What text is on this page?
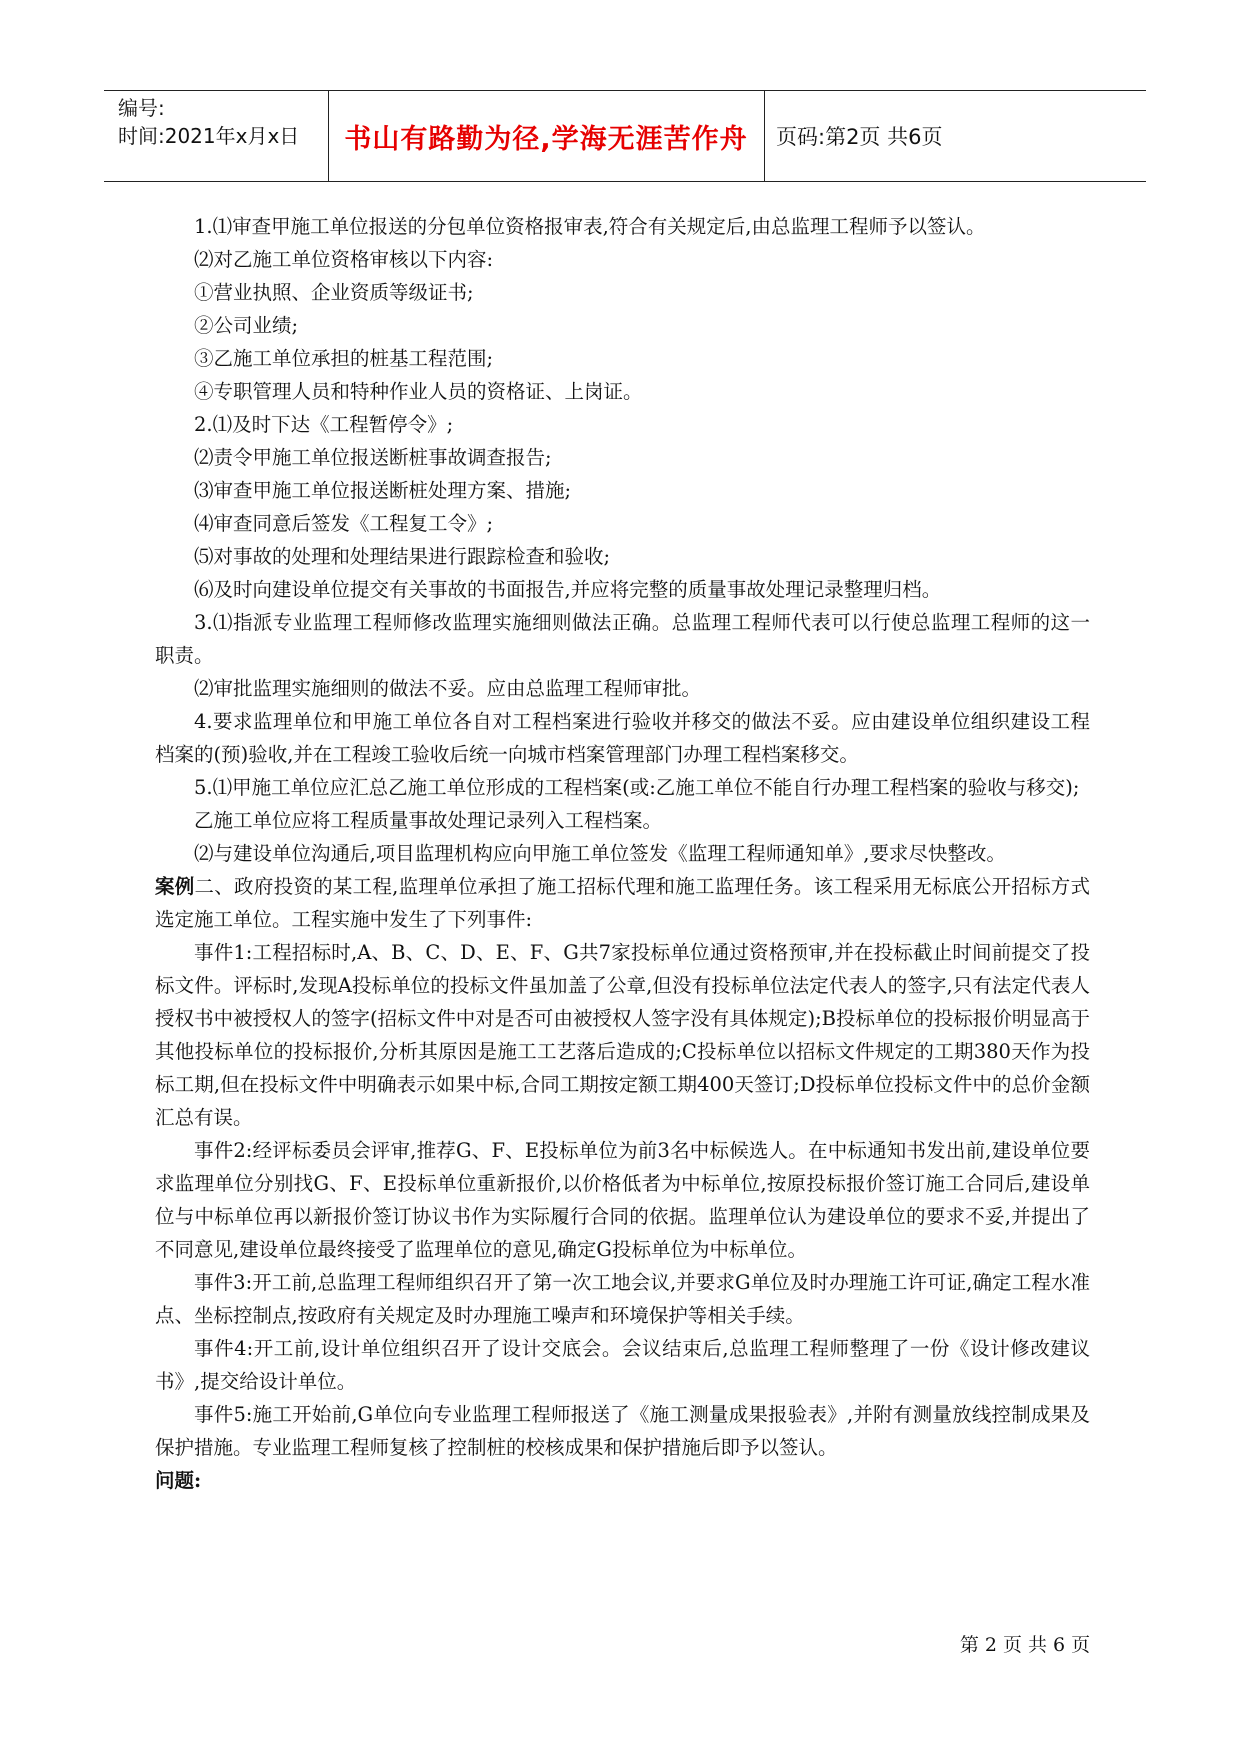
编号:
时间:2021年x月x日	书山有路勤为径,学海无涯苦作舟	页码:第2页 共6页

1.⑴审查甲施工单位报送的分包单位资格报审表,符合有关规定后,由总监理工程师予以签认。

⑵对乙施工单位资格审核以下内容:

①营业执照、企业资质等级证书;

②公司业绩;

③乙施工单位承担的桩基工程范围;

④专职管理人员和特种作业人员的资格证、上岗证。

2.⑴及时下达《工程暂停令》;

⑵责令甲施工单位报送断桩事故调查报告;

⑶审查甲施工单位报送断桩处理方案、措施;

⑷审查同意后签发《工程复工令》;

⑸对事故的处理和处理结果进行跟踪检查和验收;

⑹及时向建设单位提交有关事故的书面报告,并应将完整的质量事故处理记录整理归档。

3.⑴指派专业监理工程师修改监理实施细则做法正确。总监理工程师代表可以行使总监理工程师的这一职责。

⑵审批监理实施细则的做法不妥。应由总监理工程师审批。

4.要求监理单位和甲施工单位各自对工程档案进行验收并移交的做法不妥。应由建设单位组织建设工程档案的(预)验收,并在工程竣工验收后统一向城市档案管理部门办理工程档案移交。

5.⑴甲施工单位应汇总乙施工单位形成的工程档案(或:乙施工单位不能自行办理工程档案的验收与移交);

乙施工单位应将工程质量事故处理记录列入工程档案。

⑵与建设单位沟通后,项目监理机构应向甲施工单位签发《监理工程师通知单》,要求尽快整改。

案例二、政府投资的某工程,监理单位承担了施工招标代理和施工监理任务。该工程采用无标底公开招标方式选定施工单位。工程实施中发生了下列事件:

事件1:工程招标时,A、B、C、D、E、F、G共7家投标单位通过资格预审,并在投标截止时间前提交了投标文件。评标时,发现A投标单位的投标文件虽加盖了公章,但没有投标单位法定代表人的签字,只有法定代表人授权书中被授权人的签字(招标文件中对是否可由被授权人签字没有具体规定);B投标单位的投标报价明显高于其他投标单位的投标报价,分析其原因是施工工艺落后造成的;C投标单位以招标文件规定的工期380天作为投标工期,但在投标文件中明确表示如果中标,合同工期按定额工期400天签订;D投标单位投标文件中的总价金额汇总有误。

事件2:经评标委员会评审,推荐G、F、E投标单位为前3名中标候选人。在中标通知书发出前,建设单位要求监理单位分别找G、F、E投标单位重新报价,以价格低者为中标单位,按原投标报价签订施工合同后,建设单位与中标单位再以新报价签订协议书作为实际履行合同的依据。监理单位认为建设单位的要求不妥,并提出了不同意见,建设单位最终接受了监理单位的意见,确定G投标单位为中标单位。

事件3:开工前,总监理工程师组织召开了第一次工地会议,并要求G单位及时办理施工许可证,确定工程水准点、坐标控制点,按政府有关规定及时办理施工噪声和环境保护等相关手续。

事件4:开工前,设计单位组织召开了设计交底会。会议结束后,总监理工程师整理了一份《设计修改建议书》,提交给设计单位。

事件5:施工开始前,G单位向专业监理工程师报送了《施工测量成果报验表》,并附有测量放线控制成果及保护措施。专业监理工程师复核了控制桩的校核成果和保护措施后即予以签认。

问题:

第 2 页 共 6 页
